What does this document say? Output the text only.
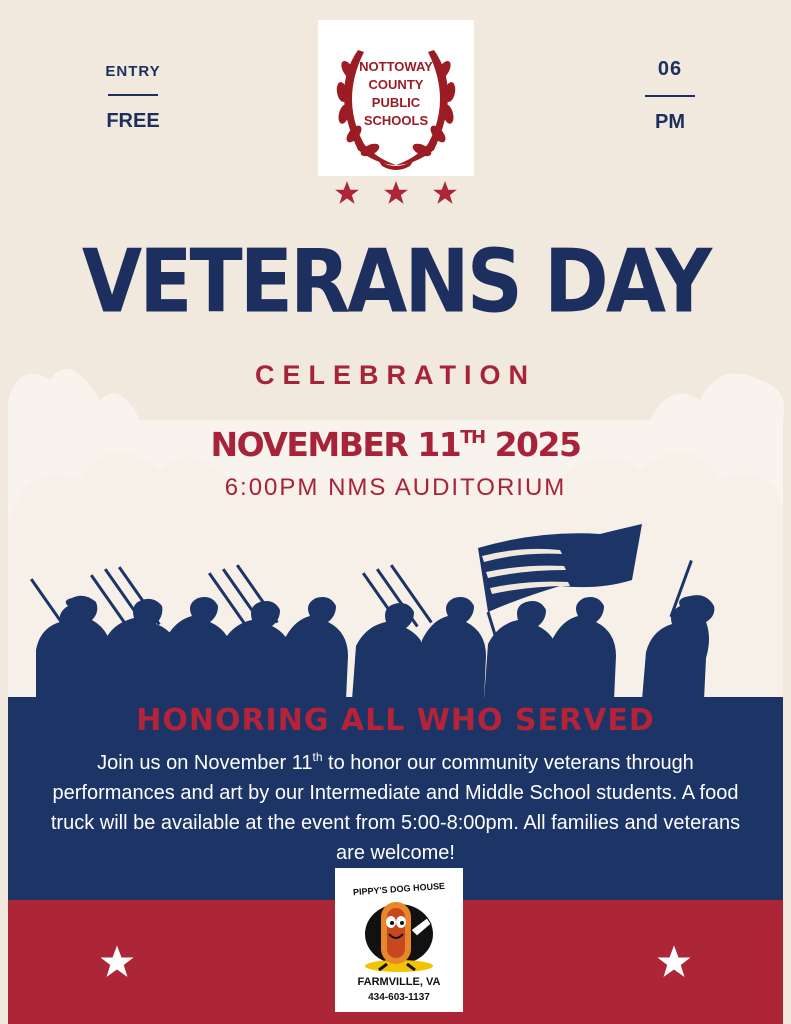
ENTRY
FREE
06
PM
NOTTOWAY
COUNTY
PUBLIC
SCHOOLS
VETERANS DAY
CELEBRATION
NOVEMBER 11TH 2025
6:00PM NMS AUDITORIUM
HONORING ALL WHO SERVED
Join us on November 11th to honor our community veterans through performances and art by our Intermediate and Middle School students. A food truck will be available at the event from 5:00-8:00pm. All families and veterans are welcome!
PIPPY'S DOG HOUSE
FARMVILLE, VA
434-603-1137
